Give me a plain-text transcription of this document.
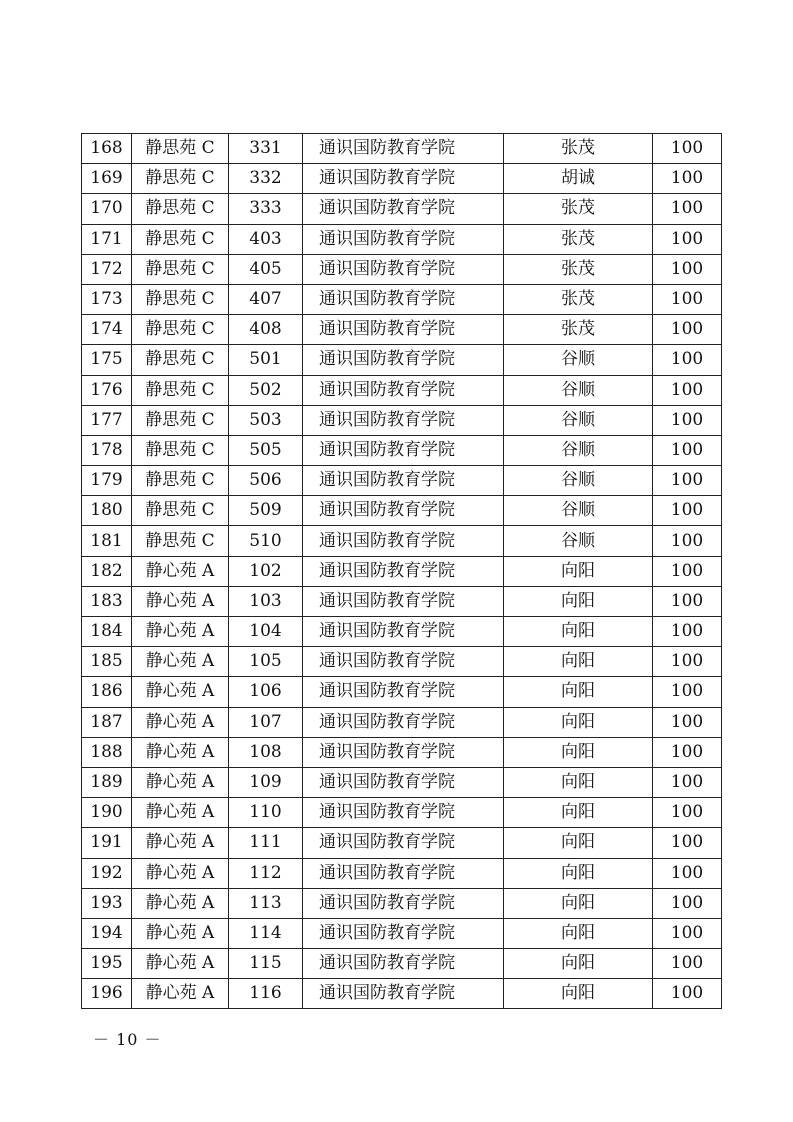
168	静思苑 C	331	通识国防教育学院	张茂	100
169	静思苑 C	332	通识国防教育学院	胡诚	100
170	静思苑 C	333	通识国防教育学院	张茂	100
171	静思苑 C	403	通识国防教育学院	张茂	100
172	静思苑 C	405	通识国防教育学院	张茂	100
173	静思苑 C	407	通识国防教育学院	张茂	100
174	静思苑 C	408	通识国防教育学院	张茂	100
175	静思苑 C	501	通识国防教育学院	谷顺	100
176	静思苑 C	502	通识国防教育学院	谷顺	100
177	静思苑 C	503	通识国防教育学院	谷顺	100
178	静思苑 C	505	通识国防教育学院	谷顺	100
179	静思苑 C	506	通识国防教育学院	谷顺	100
180	静思苑 C	509	通识国防教育学院	谷顺	100
181	静思苑 C	510	通识国防教育学院	谷顺	100
182	静心苑 A	102	通识国防教育学院	向阳	100
183	静心苑 A	103	通识国防教育学院	向阳	100
184	静心苑 A	104	通识国防教育学院	向阳	100
185	静心苑 A	105	通识国防教育学院	向阳	100
186	静心苑 A	106	通识国防教育学院	向阳	100
187	静心苑 A	107	通识国防教育学院	向阳	100
188	静心苑 A	108	通识国防教育学院	向阳	100
189	静心苑 A	109	通识国防教育学院	向阳	100
190	静心苑 A	110	通识国防教育学院	向阳	100
191	静心苑 A	111	通识国防教育学院	向阳	100
192	静心苑 A	112	通识国防教育学院	向阳	100
193	静心苑 A	113	通识国防教育学院	向阳	100
194	静心苑 A	114	通识国防教育学院	向阳	100
195	静心苑 A	115	通识国防教育学院	向阳	100
196	静心苑 A	116	通识国防教育学院	向阳	100
－ 10 －
